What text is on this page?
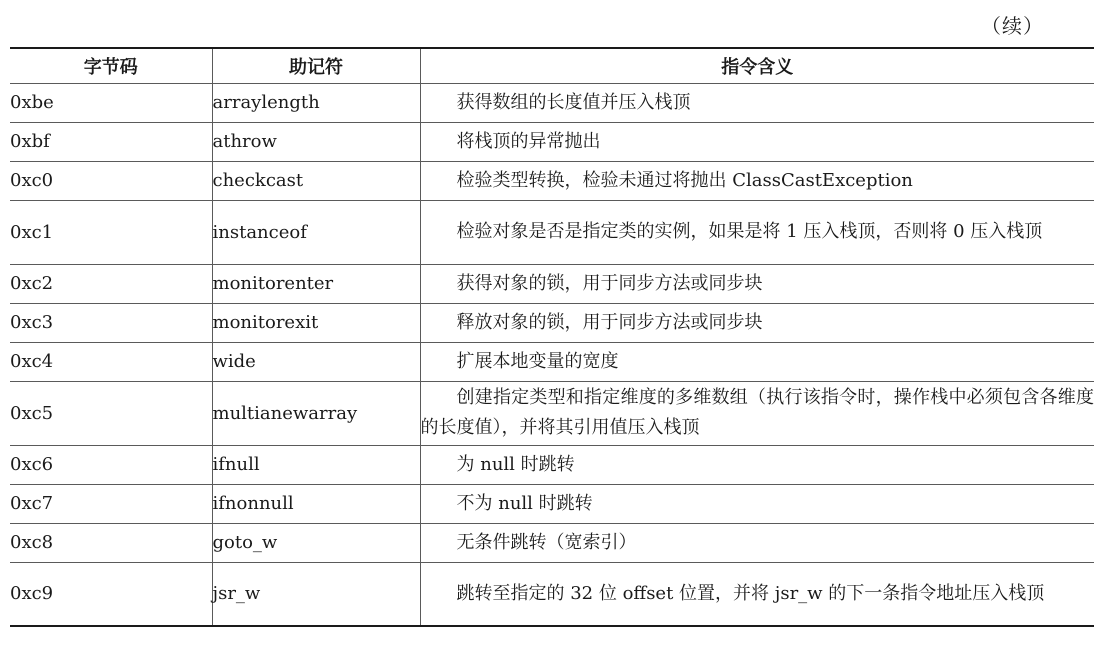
（续）
字节码	助记符	指令含义
0xbe	arraylength	获得数组的长度值并压入栈顶
0xbf	athrow	将栈顶的异常抛出
0xc0	checkcast	检验类型转换，检验未通过将抛出 ClassCastException
0xc1	instanceof	检验对象是否是指定类的实例，如果是将 1 压入栈顶，否则将 0 压入栈顶
0xc2	monitorenter	获得对象的锁，用于同步方法或同步块
0xc3	monitorexit	释放对象的锁，用于同步方法或同步块
0xc4	wide	扩展本地变量的宽度
0xc5	multianewarray	创建指定类型和指定维度的多维数组（执行该指令时，操作栈中必须包含各维度的长度值），并将其引用值压入栈顶
0xc6	ifnull	为 null 时跳转
0xc7	ifnonnull	不为 null 时跳转
0xc8	goto_w	无条件跳转（宽索引）
0xc9	jsr_w	跳转至指定的 32 位 offset 位置，并将 jsr_w 的下一条指令地址压入栈顶
